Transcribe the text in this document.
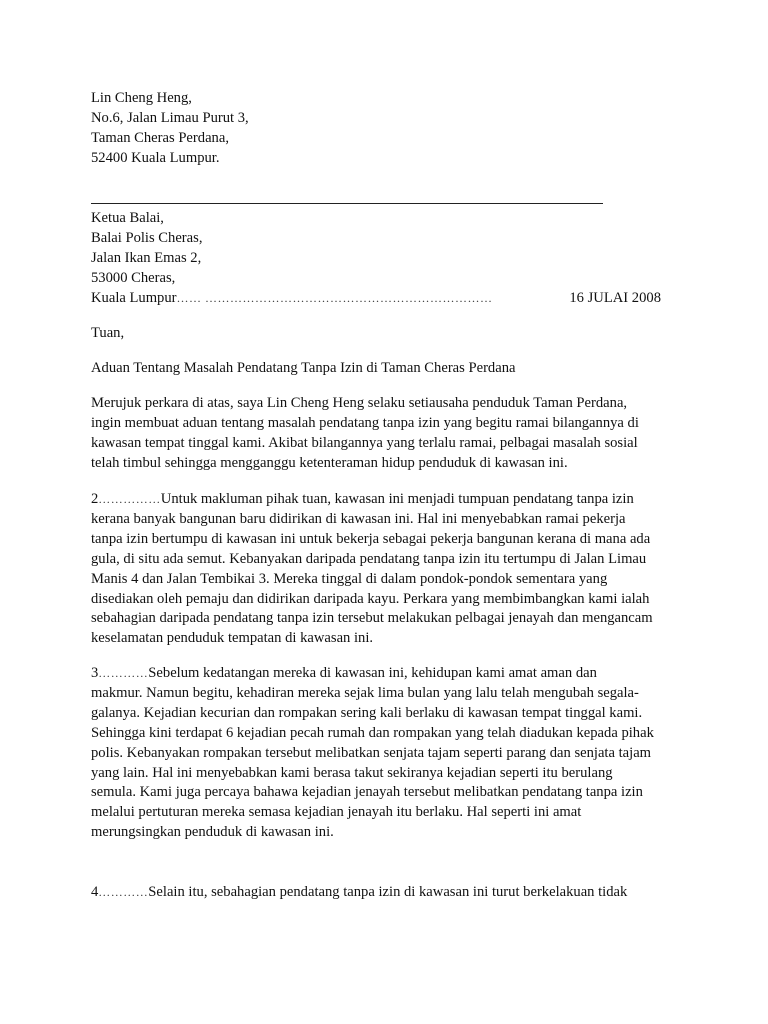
Lin Cheng Heng,
No.6, Jalan Limau Purut 3,
Taman Cheras Perdana,
52400 Kuala Lumpur.
Ketua Balai,
Balai Polis Cheras,
Jalan Ikan Emas 2,
53000 Cheras,
Kuala Lumpur…… ……………………………………………………………	16 JULAI 2008
Tuan,
Aduan Tentang Masalah Pendatang Tanpa Izin di Taman Cheras Perdana
Merujuk perkara di atas, saya Lin Cheng Heng selaku setiausaha penduduk Taman Perdana,
ingin membuat aduan tentang masalah pendatang tanpa izin yang begitu ramai bilangannya di
kawasan tempat tinggal kami. Akibat bilangannya yang terlalu ramai, pelbagai masalah sosial
telah timbul sehingga mengganggu ketenteraman hidup penduduk di kawasan ini.
2……………Untuk makluman pihak tuan, kawasan ini menjadi tumpuan pendatang tanpa izin
kerana banyak bangunan baru didirikan di kawasan ini. Hal ini menyebabkan ramai pekerja
tanpa izin bertumpu di kawasan ini untuk bekerja sebagai pekerja bangunan kerana di mana ada
gula, di situ ada semut. Kebanyakan daripada pendatang tanpa izin itu tertumpu di Jalan Limau
Manis 4 dan Jalan Tembikai 3. Mereka tinggal di dalam pondok-pondok sementara yang
disediakan oleh pemaju dan didirikan daripada kayu. Perkara yang membimbangkan kami ialah
sebahagian daripada pendatang tanpa izin tersebut melakukan pelbagai jenayah dan mengancam
keselamatan penduduk tempatan di kawasan ini.
3…………Sebelum kedatangan mereka di kawasan ini, kehidupan kami amat aman dan
makmur. Namun begitu, kehadiran mereka sejak lima bulan yang lalu telah mengubah segala-
galanya. Kejadian kecurian dan rompakan sering kali berlaku di kawasan tempat tinggal kami.
Sehingga kini terdapat 6 kejadian pecah rumah dan rompakan yang telah diadukan kepada pihak
polis. Kebanyakan rompakan tersebut melibatkan senjata tajam seperti parang dan senjata tajam
yang lain. Hal ini menyebabkan kami berasa takut sekiranya kejadian seperti itu berulang
semula. Kami juga percaya bahawa kejadian jenayah tersebut melibatkan pendatang tanpa izin
melalui pertuturan mereka semasa kejadian jenayah itu berlaku. Hal seperti ini amat
merungsingkan penduduk di kawasan ini.
4…………Selain itu, sebahagian pendatang tanpa izin di kawasan ini turut berkelakuan tidak
